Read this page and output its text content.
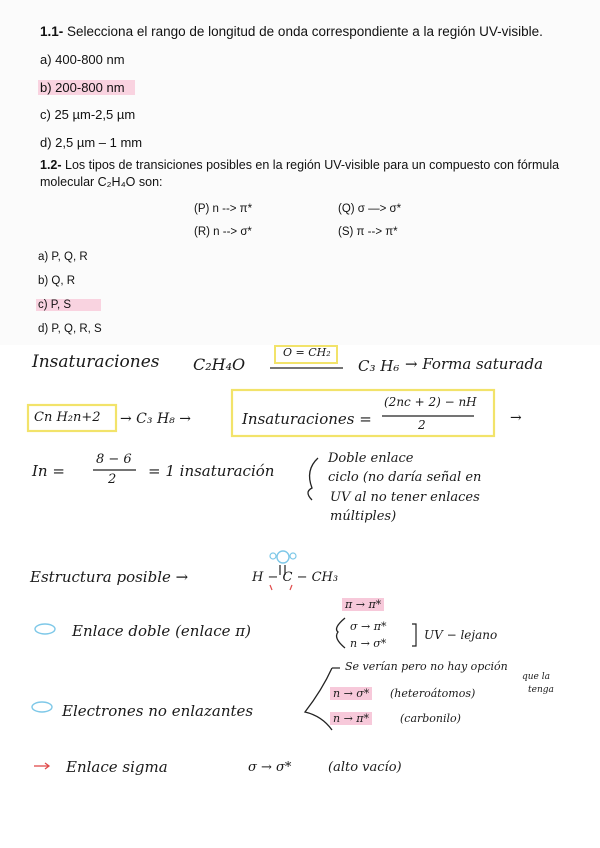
1.1- Selecciona el rango de longitud de onda correspondiente a la región UV-visible.
a) 400-800 nm
b) 200-800 nm
c) 25 µm-2,5 µm
d) 2,5 µm – 1 mm
1.2- Los tipos de transiciones posibles en la región UV-visible para un compuesto con fórmula
molecular C₂H₄O son:
(P) n --> π*	(Q) σ —> σ*
(R) n --> σ*	(S) π --> π*
a) P, Q, R
b) Q, R
c) P, S
d) P, Q, R, S
Insaturaciones C₂H₄O
O = CH₂
C₃ H₆ → Forma saturada
Cn H₂n+2 → C₃ H₈ →	Insaturaciones =
(2nc + 2) − nH
2	→
In =
8 − 6
2 = 1 insaturación
Doble enlace
ciclo (no daría señal en
UV al no tener enlaces
múltiples)
Estructura posible →	H − C − CH₃
Enlace doble (enlace π)
π → π*
σ → π*
n → σ*
UV − lejano
Electrones no enlazantes
Se verían pero no hay opción
que la
tenga
n → σ* (heteroátomos)
n → π*	(carbonilo)
Enlace sigma	σ → σ*	(alto vacío)
